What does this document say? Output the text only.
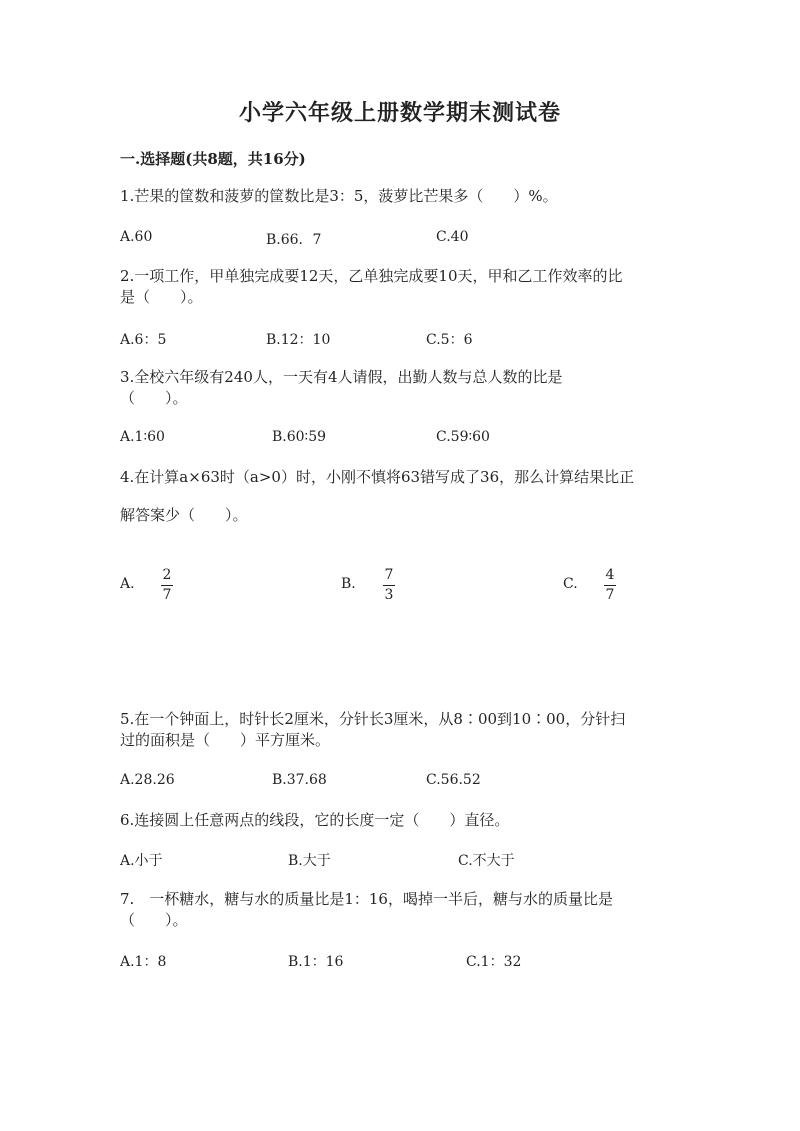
小学六年级上册数学期末测试卷
一.选择题(共8题，共16分)
1.芒果的筐数和菠萝的筐数比是3：5，菠萝比芒果多（　　）%。
A.60	B.66．7	C.40
2.一项工作，甲单独完成要12天，乙单独完成要10天，甲和乙工作效率的比
是（　　）。
A.6：5	B.12：10	C.5：6
3.全校六年级有240人，一天有4人请假，出勤人数与总人数的比是
（　　）。
A.1∶60	B.60∶59	C.59∶60
4.在计算a×63时（a>0）时，小刚不慎将63错写成了36，那么计算结果比正
解答案少（　　）。
A.
2
7
B.
7
3
C.
4
7
5.在一个钟面上，时针长2厘米，分针长3厘米，从8∶00到10∶00，分针扫
过的面积是（　　）平方厘米。
A.28.26	B.37.68	C.56.52
6.连接圆上任意两点的线段，它的长度一定（　　）直径。
A.小于	B.大于	C.不大于
7.　一杯糖水，糖与水的质量比是1：16，喝掉一半后，糖与水的质量比是
（　　）。
A.1：8	B.1：16	C.1：32
